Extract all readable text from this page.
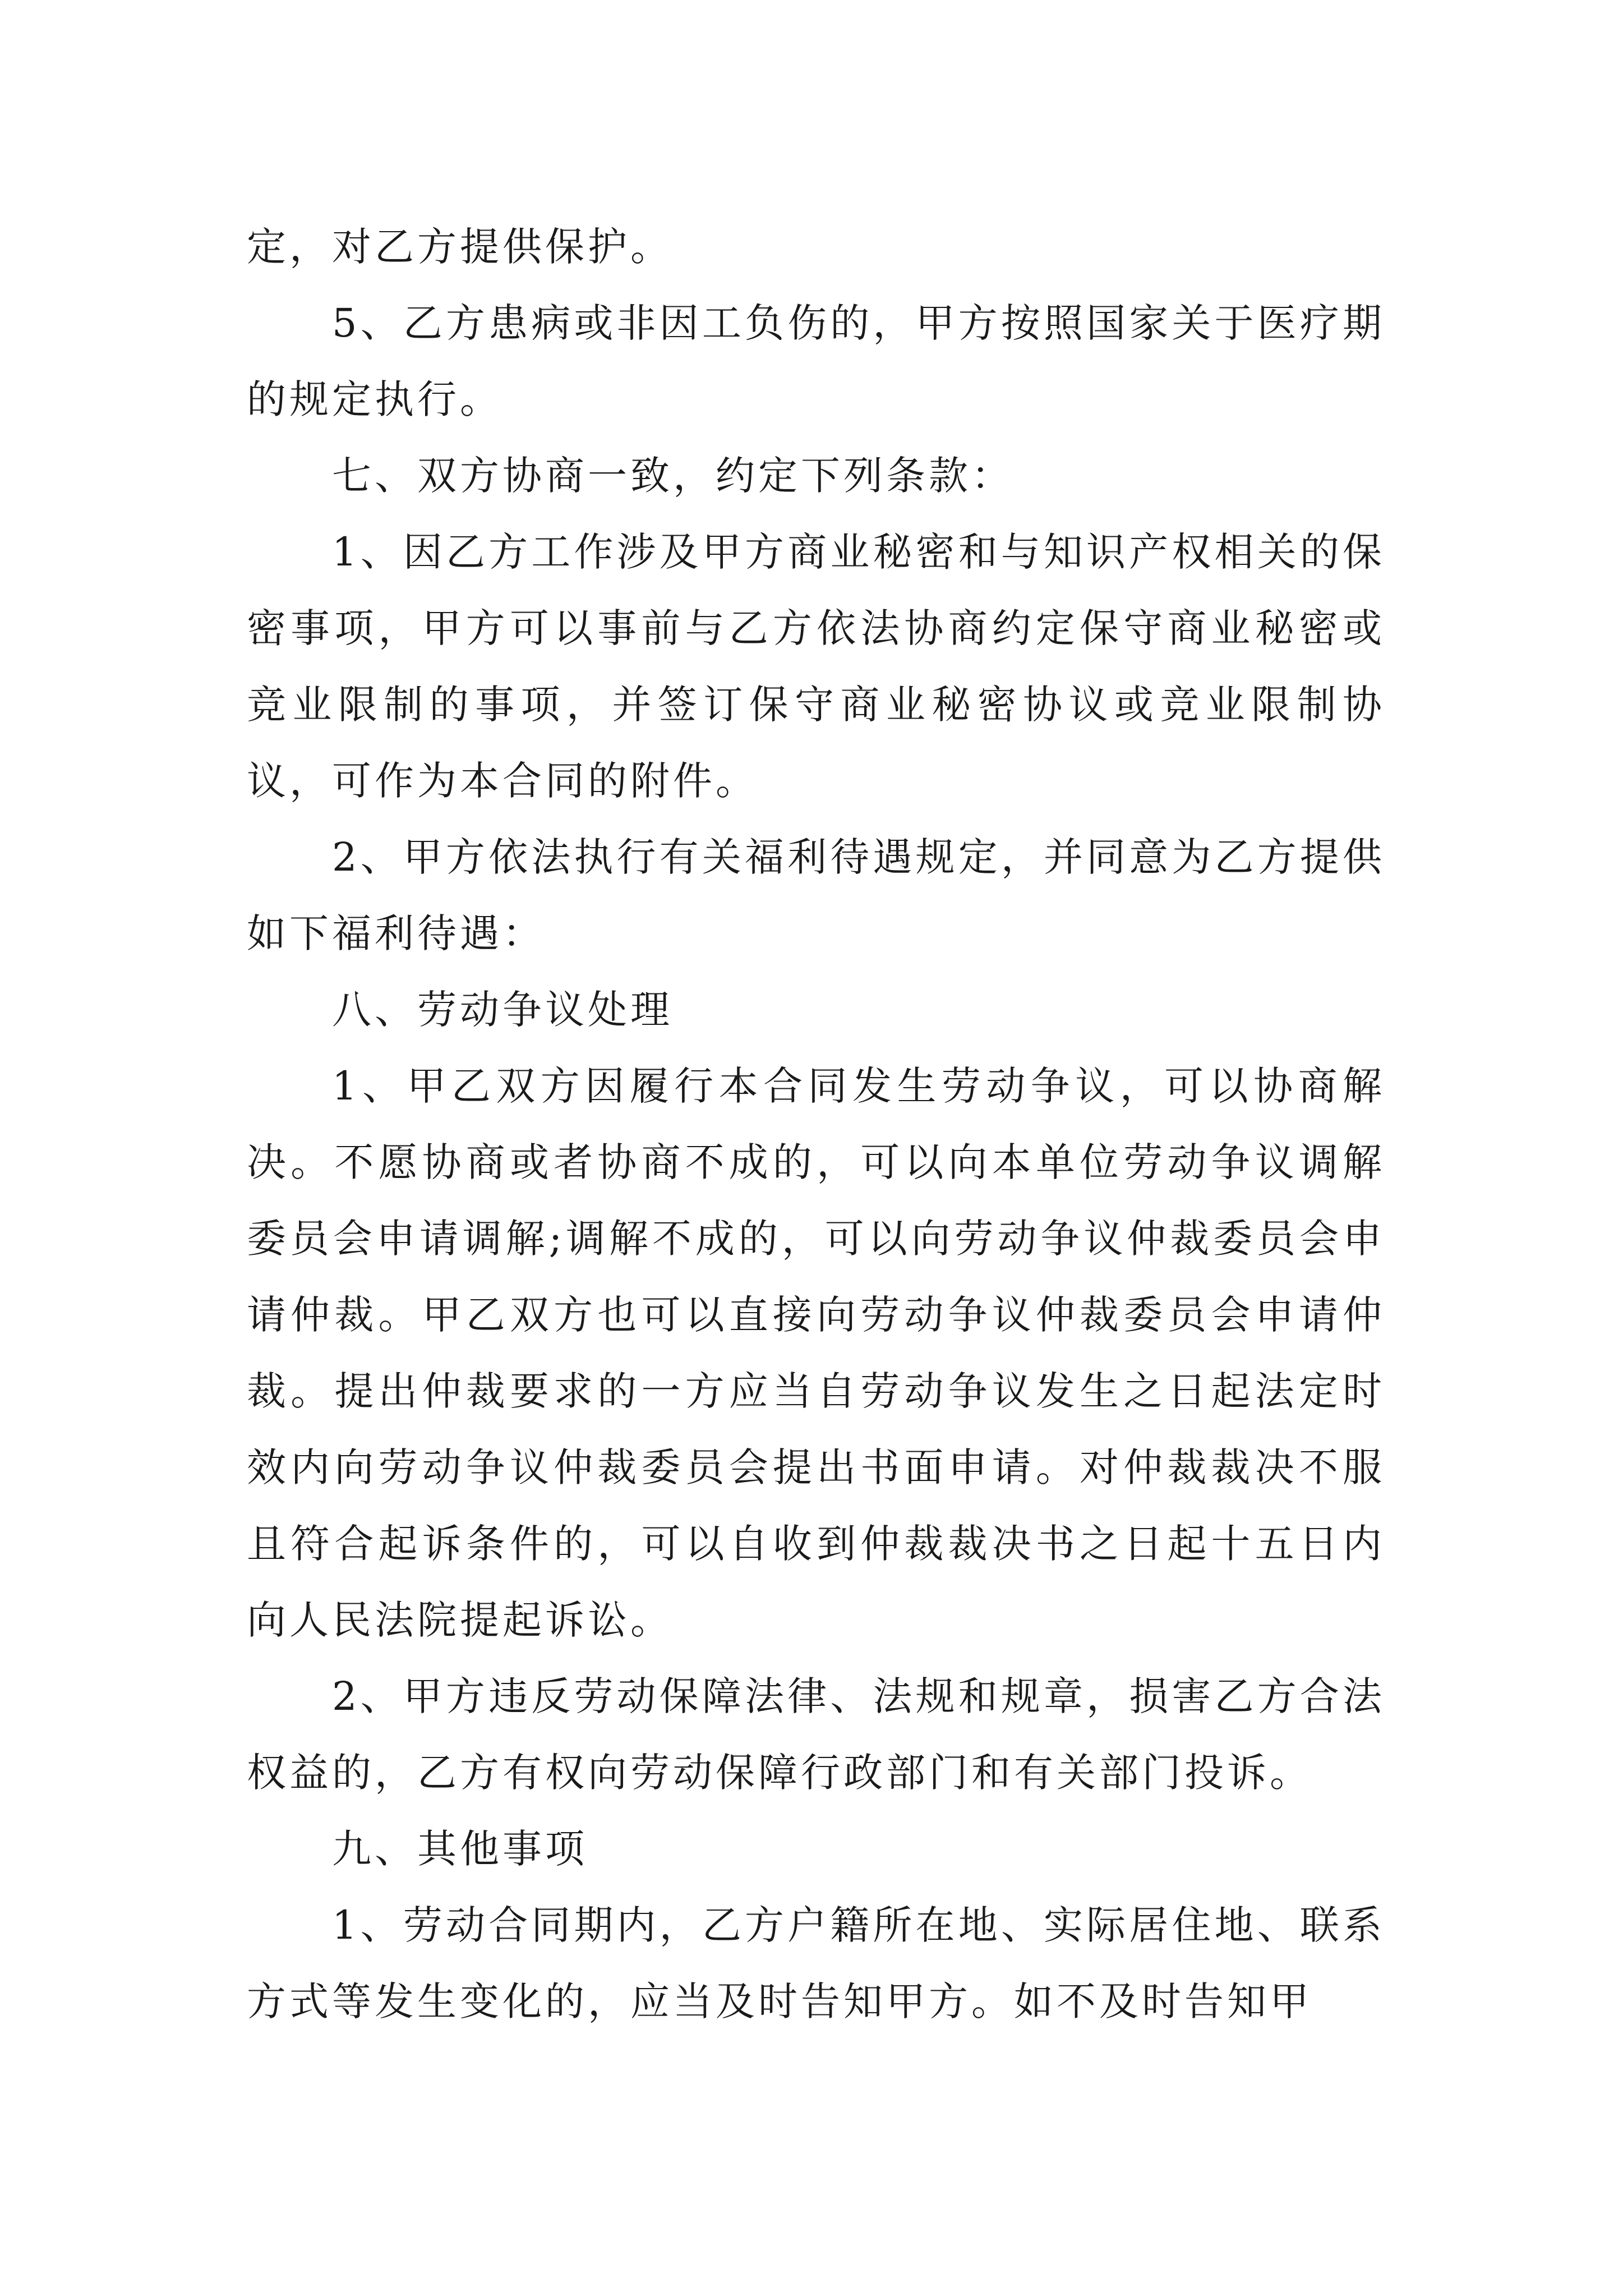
定，对乙方提供保护。

5、乙方患病或非因工负伤的，甲方按照国家关于医疗期的规定执行。

七、双方协商一致，约定下列条款：

1、因乙方工作涉及甲方商业秘密和与知识产权相关的保密事项，甲方可以事前与乙方依法协商约定保守商业秘密或竞业限制的事项，并签订保守商业秘密协议或竞业限制协议，可作为本合同的附件。

2、甲方依法执行有关福利待遇规定，并同意为乙方提供如下福利待遇：

八、劳动争议处理

1、甲乙双方因履行本合同发生劳动争议，可以协商解决。不愿协商或者协商不成的，可以向本单位劳动争议调解委员会申请调解;调解不成的，可以向劳动争议仲裁委员会申请仲裁。甲乙双方也可以直接向劳动争议仲裁委员会申请仲裁。提出仲裁要求的一方应当自劳动争议发生之日起法定时效内向劳动争议仲裁委员会提出书面申请。对仲裁裁决不服且符合起诉条件的，可以自收到仲裁裁决书之日起十五日内向人民法院提起诉讼。

2、甲方违反劳动保障法律、法规和规章，损害乙方合法权益的，乙方有权向劳动保障行政部门和有关部门投诉。

九、其他事项

1、劳动合同期内，乙方户籍所在地、实际居住地、联系方式等发生变化的，应当及时告知甲方。如不及时告知甲
